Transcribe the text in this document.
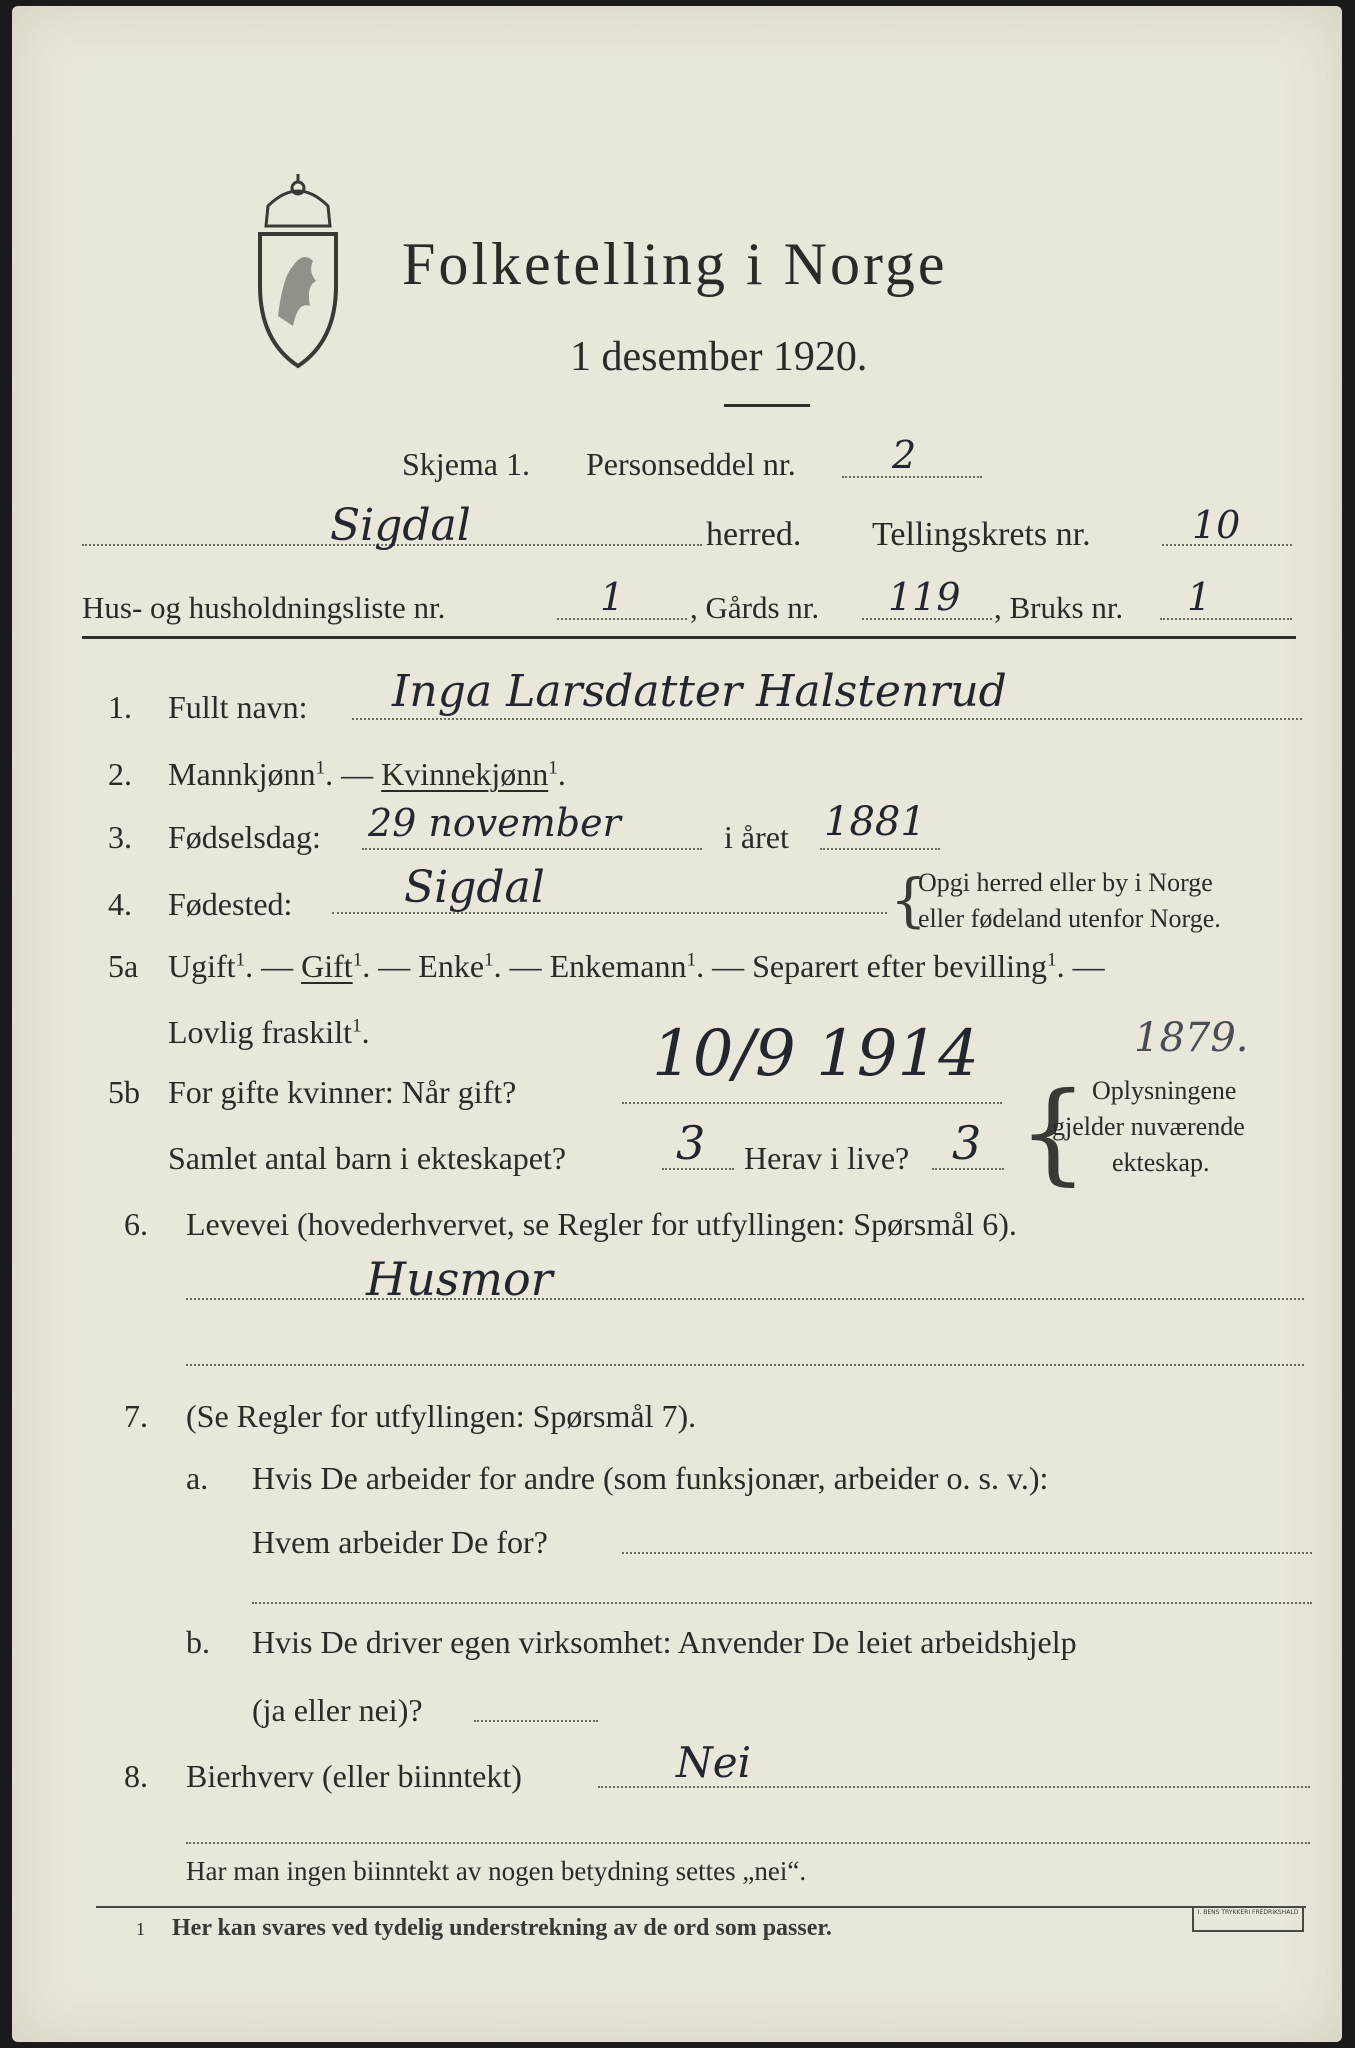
Folketelling i Norge
1 desember 1920.
Skjema 1. Personseddel nr.	2
Sigdal	herred. Tellingskrets nr.	10
Hus- og husholdningsliste nr.	1 , Gårds nr. 119 , Bruks nr. 1
1. Fullt navn: Inga Larsdatter Halstenrud
2. Mannkjønn$^1$. — Kvinnekjønn$^1$.
3. Fødselsdag: 29 november	i året 1881
4. Fødested:	Sigdal	{
Opgi herred eller by i Norge
eller fødeland utenfor Norge.
5a Ugift$^1$. — Gift$^1$. — Enke$^1$. — Enkemann$^1$. — Separert efter bevilling$^1$. —
Lovlig fraskilt$^1$.	1879.
5b For gifte kvinner: Når gift?
10/9 1914
Samlet antal barn i ekteskapet? 3 Herav i live? 3 { Oplysningene
gjelder nuværende
ekteskap.
6. Levevei (hovederhvervet, se Regler for utfyllingen: Spørsmål 6).
Husmor
7. (Se Regler for utfyllingen: Spørsmål 7).
a. Hvis De arbeider for andre (som funksjonær, arbeider o. s. v.):
Hvem arbeider De for?
b. Hvis De driver egen virksomhet: Anvender De leiet arbeidshjelp
(ja eller nei)?
8. Bierhverv (eller biinntekt)	Nei
Har man ingen biinntekt av nogen betydning settes „nei“.
1 Her kan svares ved tydelig understrekning av de ord som passer.
I. BENS TRYKKERI FREDRIKSHALD
